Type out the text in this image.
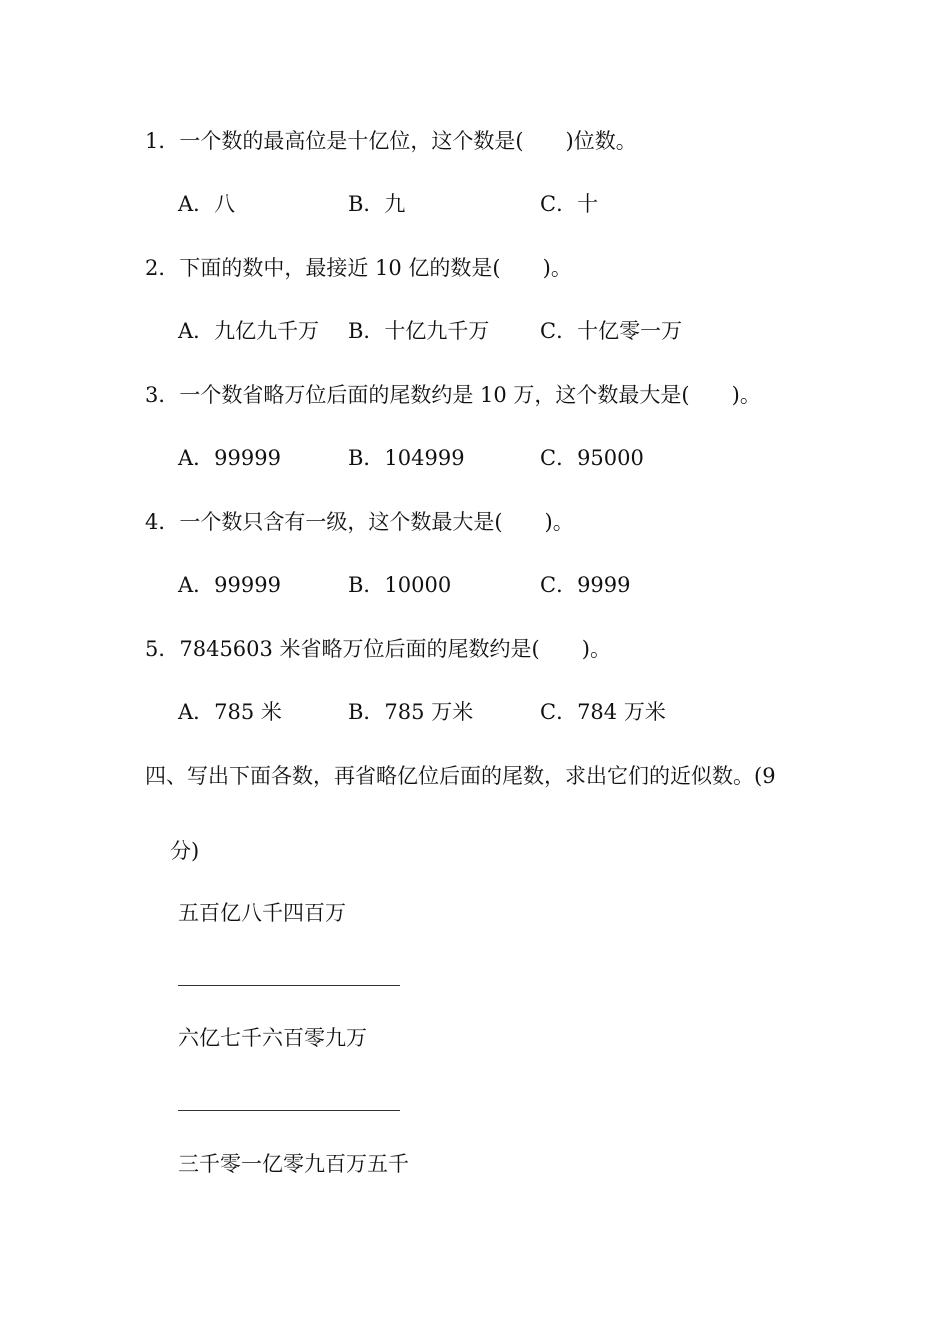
1．一个数的最高位是十亿位，这个数是(　　)位数。
A．八	B．九	C．十
2．下面的数中，最接近 10 亿的数是(　　)。
A．九亿九千万 B．十亿九千万 C．十亿零一万
3．一个数省略万位后面的尾数约是 10 万，这个数最大是(　　)。
A．99999	B．104999	C．95000
4．一个数只含有一级，这个数最大是(　　)。
A．99999	B．10000	C．9999
5．7845603 米省略万位后面的尾数约是(　　)。
A．785 米	B．785 万米	C．784 万米
四、写出下面各数，再省略亿位后面的尾数，求出它们的近似数。(9
分)
五百亿八千四百万
六亿七千六百零九万
三千零一亿零九百万五千
